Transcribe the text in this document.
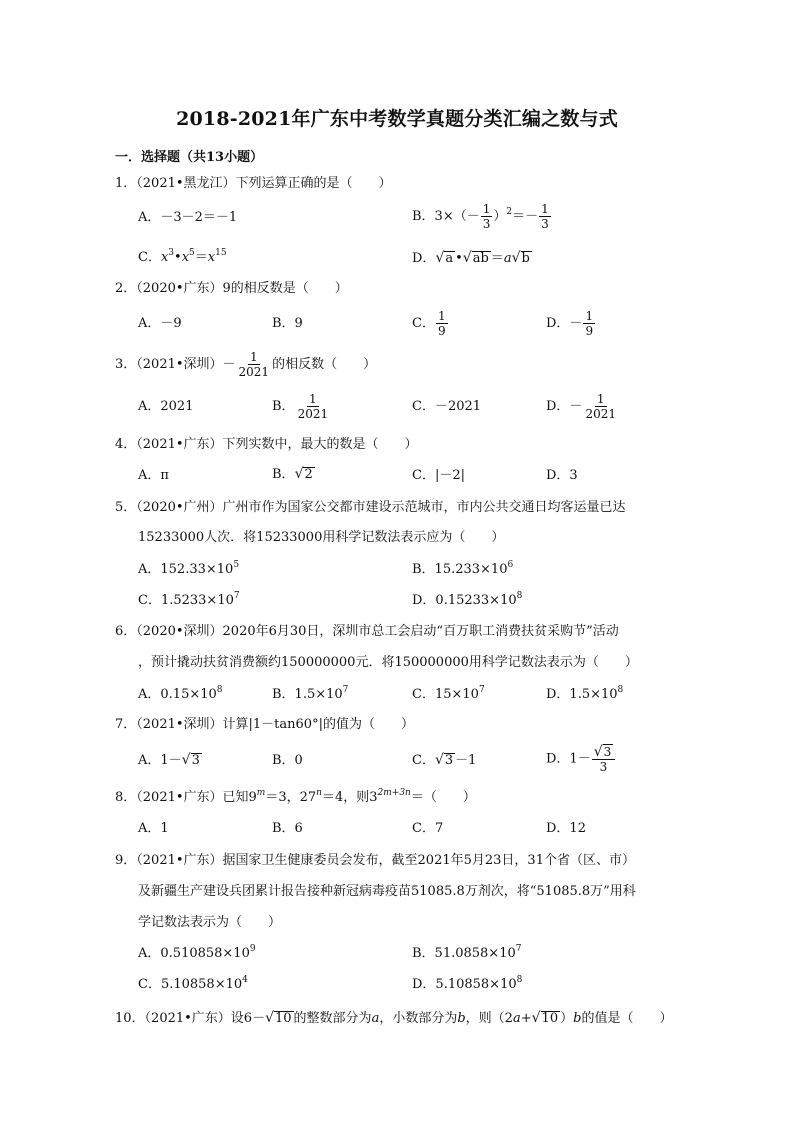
2018-2021年广东中考数学真题分类汇编之数与式
一．选择题（共13小题）
1．（2021•黑龙江）下列运算正确的是（　　）
A．－3－2＝－1	B．$3\times(- \frac{1}{3} )^2=- \frac{1}{3}$
C．$x^3•x^5=x^{15}$	D．√a •√ab ＝a√b
2．（2020•广东）9的相反数是（　　）
A．－9	B．9	C． $\frac{1}{9}$	D．－ $\frac{1}{9}$
3．（2021•深圳）－ $\frac{1}{2021}$ 的相反数（　　）
A．2021	B． $\frac{1}{2021}$	C．－2021	D．－ $\frac{1}{2021}$
4．（2021•广东）下列实数中，最大的数是（　　）
A．π	B．√2	C．|－2|	D．3
5．（2020•广州）广州市作为国家公交都市建设示范城市，市内公共交通日均客运量已达
15233000人次．将15233000用科学记数法表示应为（　　）
A．$152.33\times 10^5$	B．$15.233\times 10^6$
C．$1.5233\times 10^7$	D．$0.15233\times 10^8$
6．（2020•深圳）2020年6月30日，深圳市总工会启动“百万职工消费扶贫采购节”活动
，预计撬动扶贫消费额约150000000元．将150000000用科学记数法表示为（　　）
A．$0.15\times 10^8$	B．$1.5\times 10^7$	C．$15\times 10^7$	D．$1.5\times 10^8$
7．（2021•深圳）计算|1－tan60°|的值为（　　）
A．1－√3	B．0	C．√3 －1	D．$1- \frac{√3}{3}$
8．（2021•广东）已知$9^m=3$，$27^n=4$，则$3^{2m+3n}=$（　　）
A．1	B．6	C．7	D．12
9．（2021•广东）据国家卫生健康委员会发布，截至2021年5月23日，31个省（区、市）
及新疆生产建设兵团累计报告接种新冠病毒疫苗51085.8万剂次，将“51085.8万”用科
学记数法表示为（　　）
A．$0.510858\times 10^9$	B．$51.0858\times 10^7$
C．$5.10858\times 10^4$	D．$5.10858\times 10^8$
10．（2021•广东）设6－√10 的整数部分为a，小数部分为b，则（2a+√10 ）b的值是（　　）
